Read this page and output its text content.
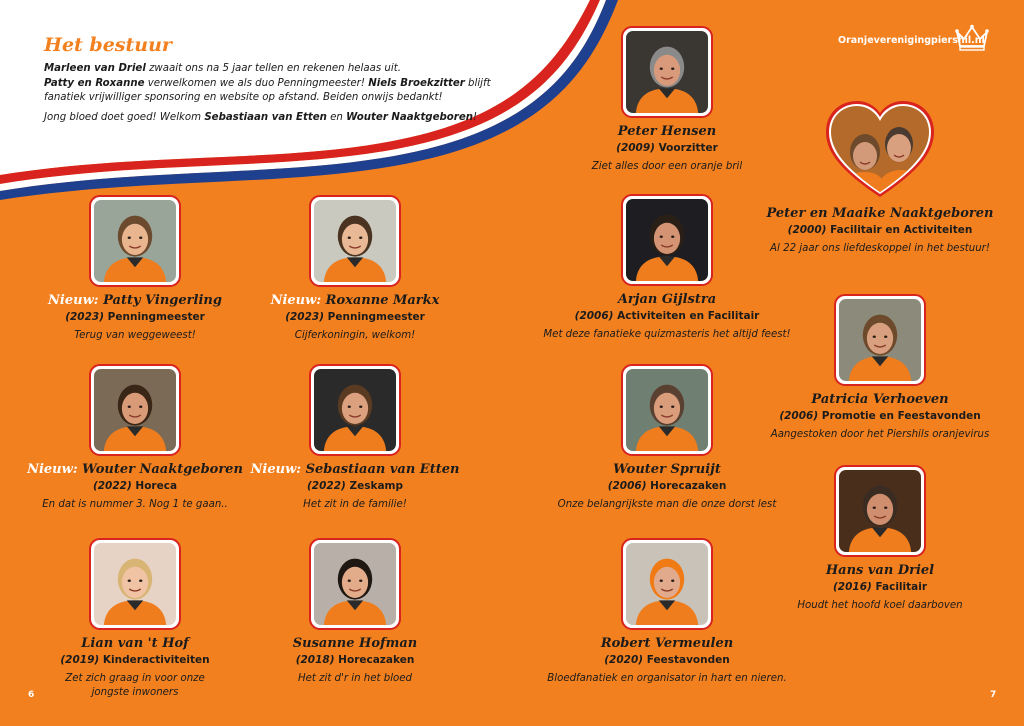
Het bestuur

Marleen van Driel zwaait ons na 5 jaar tellen en rekenen helaas uit.

Patty en Roxanne verwelkomen we als duo Penningmeester! Niels Broekzitter blijft fanatiek vrijwilliger sponsoring en website op afstand. Beiden onwijs bedankt!

Jong bloed doet goed! Welkom Sebastiaan van Etten en Wouter Naaktgeboren!

Oranjeverenigingpiershil.nl
Nieuw: Patty Vingerling
(2023) Penningmeester
Terug van weggeweest!
Nieuw: Roxanne Markx
(2023) Penningmeester
Cijferkoningin, welkom!
Nieuw: Wouter Naaktgeboren
(2022) Horeca
En dat is nummer 3. Nog 1 te gaan..
Nieuw: Sebastiaan van Etten
(2022) Zeskamp
Het zit in de familie!
Lian van 't Hof
(2019) Kinderactiviteiten
Zet zich graag in voor onze jongste inwoners
Susanne Hofman
(2018) Horecazaken
Het zit d'r in het bloed
Peter Hensen
(2009) Voorzitter
Ziet alles door een oranje bril
Arjan Gijlstra
(2006) Activiteiten en Facilitair
Met deze fanatieke quizmasteris het altijd feest!
Wouter Spruijt
(2006) Horecazaken
Onze belangrijkste man die onze dorst lest
Robert Vermeulen
(2020) Feestavonden
Bloedfanatiek en organisator in hart en nieren.
Peter en Maaike Naaktgeboren
(2000) Facilitair en Activiteiten
Al 22 jaar ons liefdeskoppel in het bestuur!
Patricia Verhoeven
(2006) Promotie en Feestavonden
Aangestoken door het Piershils oranjevirus
Hans van Driel
(2016) Facilitair
Houdt het hoofd koel daarboven
6	7
